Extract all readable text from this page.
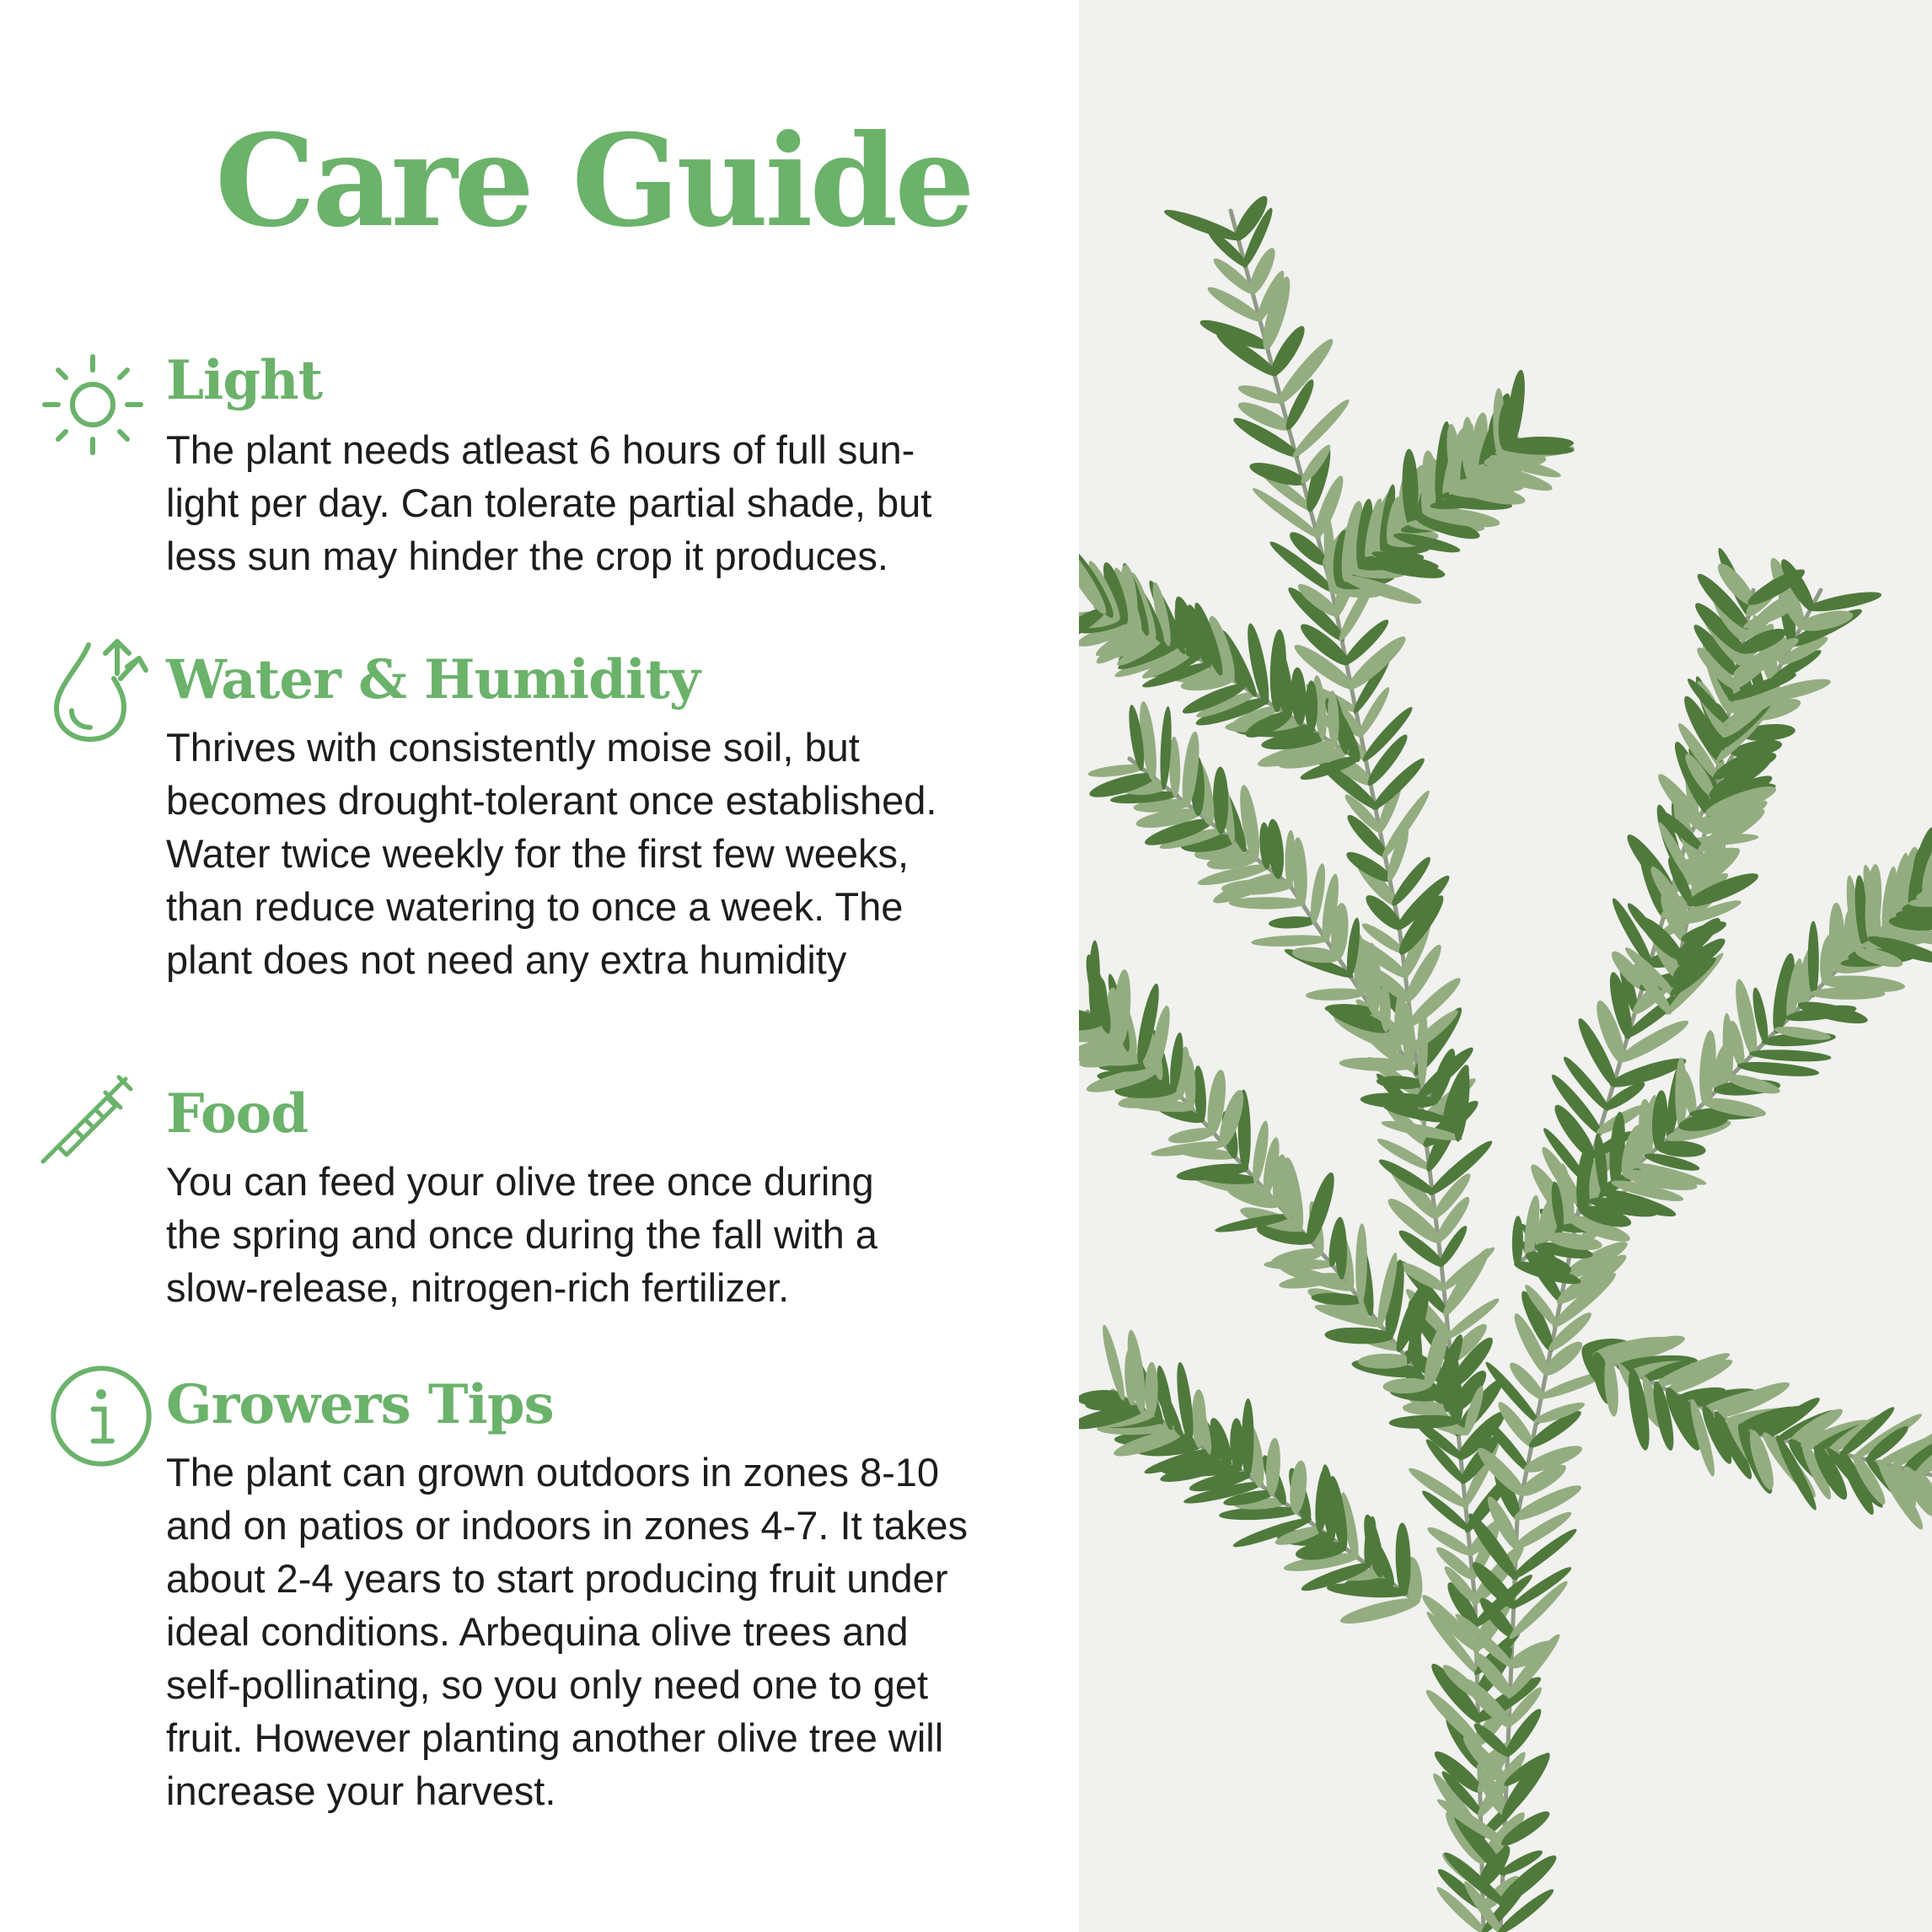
Care Guide
Light

The plant needs atleast 6 hours of full sun-
light per day. Can tolerate partial shade, but
less sun may hinder the crop it produces.

Water & Humidity

Thrives with consistently moise soil, but
becomes drought-tolerant once established.
Water twice weekly for the first few weeks,
than reduce watering to once a week. The
plant does not need any extra humidity

Food

You can feed your olive tree once during
the spring and once during the fall with a
slow-release, nitrogen-rich fertilizer.

Growers Tips

The plant can grown outdoors in zones 8-10
and on patios or indoors in zones 4-7. It takes
about 2-4 years to start producing fruit under
ideal conditions. Arbequina olive trees and
self-pollinating, so you only need one to get
fruit. However planting another olive tree will
increase your harvest.
